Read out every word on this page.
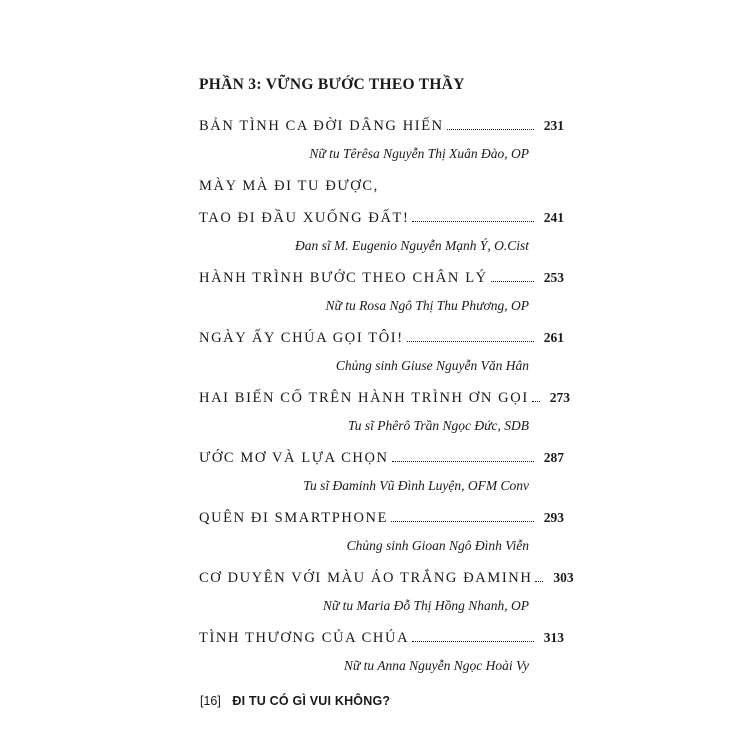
PHẦN 3: VỮNG BƯỚC THEO THẦY
BẢN TÌNH CA ĐỜI DÂNG HIẾN	231
Nữ tu Têrêsa Nguyễn Thị Xuân Đào, OP
MÀY MÀ ĐI TU ĐƯỢC,
TAO ĐI ĐẦU XUỐNG ĐẤT!	241
Đan sĩ M. Eugenio Nguyễn Mạnh Ý, O.Cist
HÀNH TRÌNH BƯỚC THEO CHÂN LÝ	253
Nữ tu Rosa Ngô Thị Thu Phương, OP
NGÀY ẤY CHÚA GỌI TÔI!	261
Chủng sinh Giuse Nguyễn Văn Hân
HAI BIẾN CỐ TRÊN HÀNH TRÌNH ƠN GỌI 273
Tu sĩ Phêrô Trần Ngọc Đức, SDB
ƯỚC MƠ VÀ LỰA CHỌN	287
Tu sĩ Đaminh Vũ Đình Luyện, OFM Conv
QUÊN ĐI SMARTPHONE	293
Chủng sinh Gioan Ngô Đình Viễn
CƠ DUYÊN VỚI MÀU ÁO TRẮNG ĐAMINH 303
Nữ tu Maria Đỗ Thị Hồng Nhanh, OP
TÌNH THƯƠNG CỦA CHÚA	313
Nữ tu Anna Nguyễn Ngọc Hoài Vy
[16] ĐI TU CÓ GÌ VUI KHÔNG?
